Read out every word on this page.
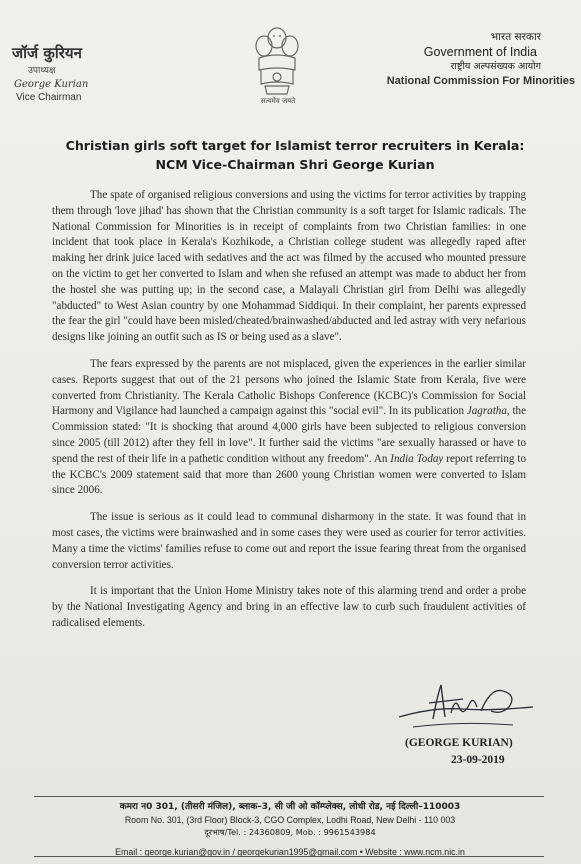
जॉर्ज कुरियन
उपाध्यक्ष
George Kurian
Vice Chairman	सत्यमेव जयते
भारत सरकार
Government of India
राष्ट्रीय अल्पसंख्यक आयोग
National Commission For Minorities
Christian girls soft target for Islamist terror recruiters in Kerala:
NCM Vice-Chairman Shri George Kurian

The spate of organised religious conversions and using the victims for terror activities by trapping them through 'love jihad' has shown that the Christian community is a soft target for Islamic radicals. The National Commission for Minorities is in receipt of complaints from two Christian families: in one incident that took place in Kerala's Kozhikode, a Christian college student was allegedly raped after making her drink juice laced with sedatives and the act was filmed by the accused who mounted pressure on the victim to get her converted to Islam and when she refused an attempt was made to abduct her from the hostel she was putting up; in the second case, a Malayali Christian girl from Delhi was allegedly "abducted" to West Asian country by one Mohammad Siddiqui. In their complaint, her parents expressed the fear the girl "could have been misled/cheated/brainwashed/abducted and led astray with very nefarious designs like joining an outfit such as IS or being used as a slave".

The fears expressed by the parents are not misplaced, given the experiences in the earlier similar cases. Reports suggest that out of the 21 persons who joined the Islamic State from Kerala, five were converted from Christianity. The Kerala Catholic Bishops Conference (KCBC)'s Commission for Social Harmony and Vigilance had launched a campaign against this "social evil". In its publication Jagratha, the Commission stated: "It is shocking that around 4,000 girls have been subjected to religious conversion since 2005 (till 2012) after they fell in love". It further said the victims "are sexually harassed or have to spend the rest of their life in a pathetic condition without any freedom". An India Today report referring to the KCBC's 2009 statement said that more than 2600 young Christian women were converted to Islam since 2006.

The issue is serious as it could lead to communal disharmony in the state. It was found that in most cases, the victims were brainwashed and in some cases they were used as courier for terror activities. Many a time the victims' families refuse to come out and report the issue fearing threat from the organised conversion terror activities.

It is important that the Union Home Ministry takes note of this alarming trend and order a probe by the National Investigating Agency and bring in an effective law to curb such fraudulent activities of radicalised elements.

(GEORGE KURIAN)
23-09-2019
कमरा न0 301, (तीसरी मंजिल), ब्लाक–3, सी जी ओ कॉम्प्लेक्स, लोधी रोड, नई दिल्ली–110003
Room No. 301, (3rd Floor) Block-3, CGO Complex, Lodhi Road, New Delhi - 110 003
दूरभाष/Tel. : 24360809, Mob. : 9961543984
Email : george.kurian@gov.in / georgekurian1995@gmail.com • Website : www.ncm.nic.in
